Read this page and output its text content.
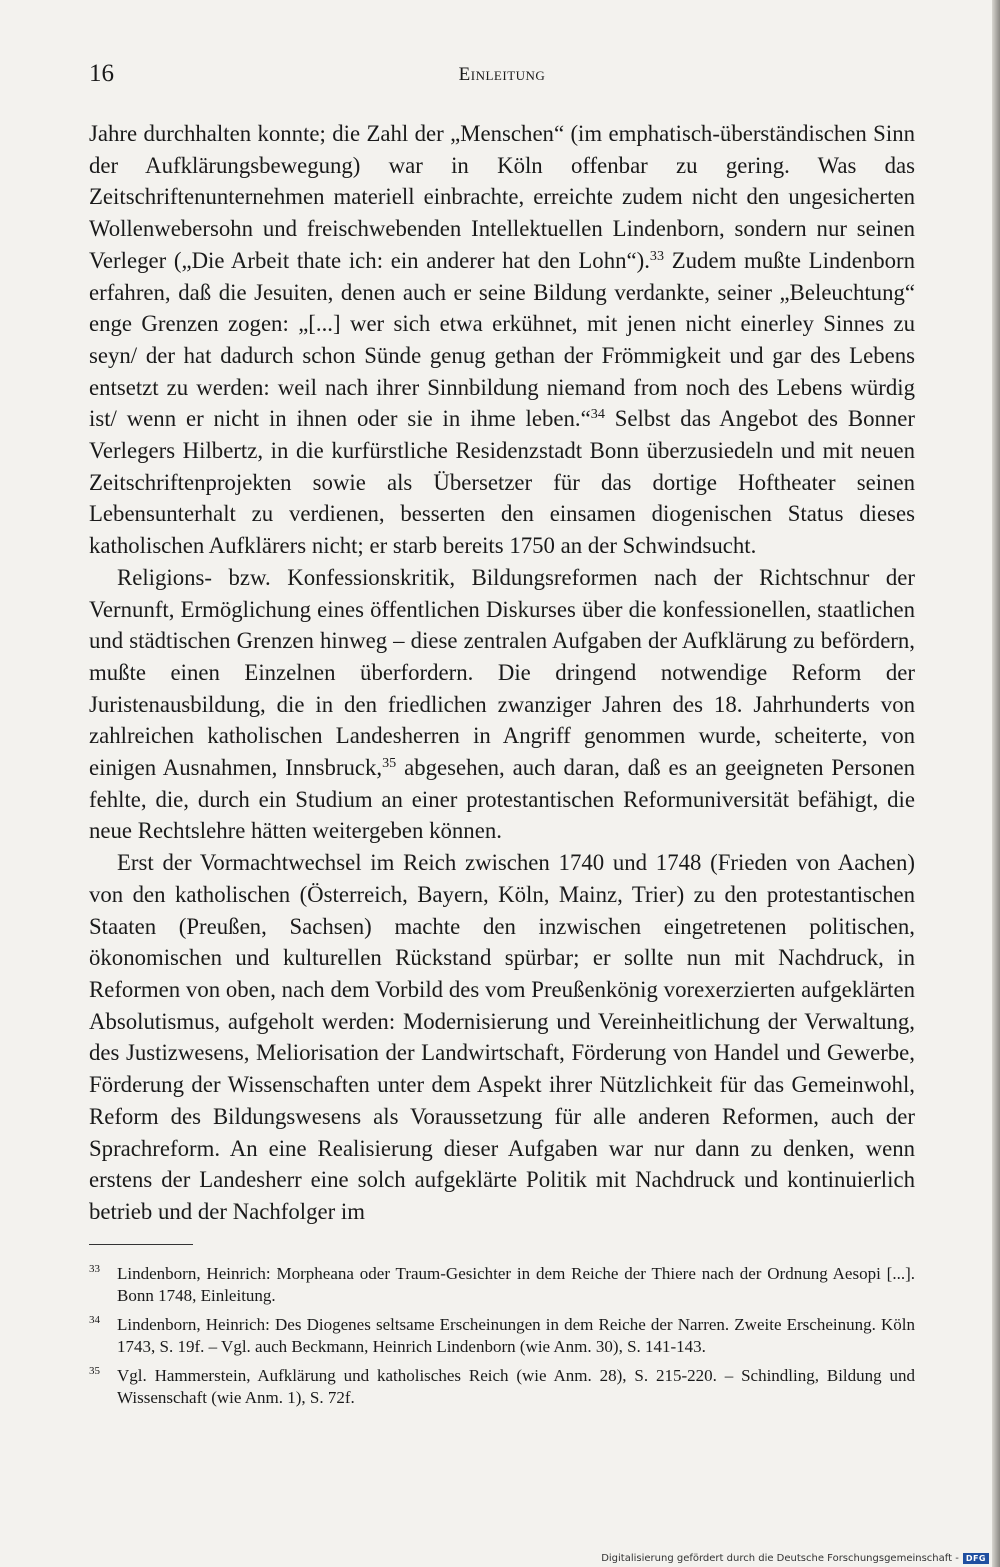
16	Einleitung

Jahre durchhalten konnte; die Zahl der „Menschen“ (im emphatisch-überständischen Sinn der Aufklärungsbewegung) war in Köln offenbar zu gering. Was das Zeitschriftenunternehmen materiell einbrachte, erreichte zudem nicht den ungesicherten Wollenwebersohn und freischwebenden Intellektuellen Lindenborn, sondern nur seinen Verleger („Die Arbeit thate ich: ein anderer hat den Lohn“).$^{33}$ Zudem mußte Lindenborn erfahren, daß die Jesuiten, denen auch er seine Bildung verdankte, seiner „Beleuchtung“ enge Grenzen zogen: „[...] wer sich etwa erkühnet, mit jenen nicht einerley Sinnes zu seyn/ der hat dadurch schon Sünde genug gethan der Frömmigkeit und gar des Lebens entsetzt zu werden: weil nach ihrer Sinnbildung niemand from noch des Lebens würdig ist/ wenn er nicht in ihnen oder sie in ihme leben.“$^{34}$ Selbst das Angebot des Bonner Verlegers Hilbertz, in die kurfürstliche Residenzstadt Bonn überzusiedeln und mit neuen Zeitschriftenprojekten sowie als Übersetzer für das dortige Hoftheater seinen Lebensunterhalt zu verdienen, besserten den einsamen diogenischen Status dieses katholischen Aufklärers nicht; er starb bereits 1750 an der Schwindsucht.

Religions- bzw. Konfessionskritik, Bildungsreformen nach der Richtschnur der Vernunft, Ermöglichung eines öffentlichen Diskurses über die konfessionellen, staatlichen und städtischen Grenzen hinweg – diese zentralen Aufgaben der Aufklärung zu befördern, mußte einen Einzelnen überfordern. Die dringend notwendige Reform der Juristenausbildung, die in den friedlichen zwanziger Jahren des 18. Jahrhunderts von zahlreichen katholischen Landesherren in Angriff genommen wurde, scheiterte, von einigen Ausnahmen, Innsbruck,$^{35}$ abgesehen, auch daran, daß es an geeigneten Personen fehlte, die, durch ein Studium an einer protestantischen Reformuniversität befähigt, die neue Rechtslehre hätten weitergeben können.

Erst der Vormachtwechsel im Reich zwischen 1740 und 1748 (Frieden von Aachen) von den katholischen (Österreich, Bayern, Köln, Mainz, Trier) zu den protestantischen Staaten (Preußen, Sachsen) machte den inzwischen eingetretenen politischen, ökonomischen und kulturellen Rückstand spürbar; er sollte nun mit Nachdruck, in Reformen von oben, nach dem Vorbild des vom Preußenkönig vorexerzierten aufgeklärten Absolutismus, aufgeholt werden: Modernisierung und Vereinheitlichung der Verwaltung, des Justizwesens, Meliorisation der Landwirtschaft, Förderung von Handel und Gewerbe, Förderung der Wissenschaften unter dem Aspekt ihrer Nützlichkeit für das Gemeinwohl, Reform des Bildungswesens als Voraussetzung für alle anderen Reformen, auch der Sprachreform. An eine Realisierung dieser Aufgaben war nur dann zu denken, wenn erstens der Landesherr eine solch aufgeklärte Politik mit Nachdruck und kontinuierlich betrieb und der Nachfolger im

33 Lindenborn, Heinrich: Morpheana oder Traum-Gesichter in dem Reiche der Thiere nach der Ordnung Aesopi [...]. Bonn 1748, Einleitung.
34 Lindenborn, Heinrich: Des Diogenes seltsame Erscheinungen in dem Reiche der Narren. Zweite Erscheinung. Köln 1743, S. 19f. – Vgl. auch Beckmann, Heinrich Lindenborn (wie Anm. 30), S. 141-143.
35 Vgl. Hammerstein, Aufklärung und katholisches Reich (wie Anm. 28), S. 215-220. – Schindling, Bildung und Wissenschaft (wie Anm. 1), S. 72f.
Digitalisierung gefördert durch die Deutsche Forschungsgemeinschaft - DFG
